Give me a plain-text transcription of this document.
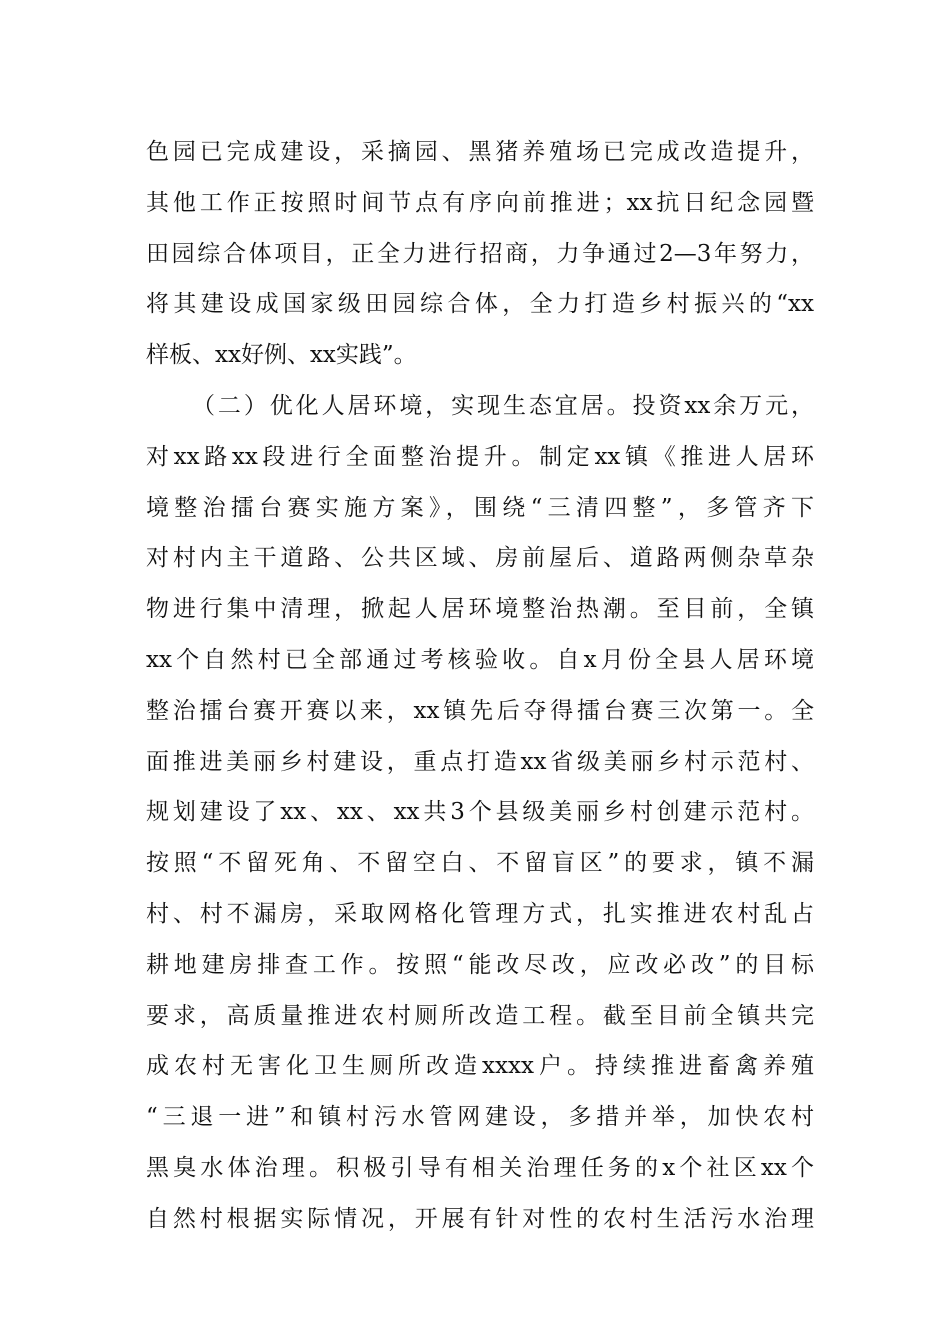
色园已完成建设，采摘园、黑猪养殖场已完成改造提升，
其他工作正按照时间节点有序向前推进；xx抗日纪念园暨
田园综合体项目，正全力进行招商，力争通过2—3年努力，
将其建设成国家级田园综合体，全力打造乡村振兴的“xx
样板、xx好例、xx实践”。
（二）优化人居环境，实现生态宜居。投资xx余万元，
对xx路xx段进行全面整治提升。制定xx镇《推进人居环
境整治擂台赛实施方案》，围绕“三清四整”，多管齐下
对村内主干道路、公共区域、房前屋后、道路两侧杂草杂
物进行集中清理，掀起人居环境整治热潮。至目前，全镇
xx个自然村已全部通过考核验收。自x月份全县人居环境
整治擂台赛开赛以来，xx镇先后夺得擂台赛三次第一。全
面推进美丽乡村建设，重点打造xx省级美丽乡村示范村、
规划建设了xx、xx、xx共3个县级美丽乡村创建示范村。
按照“不留死角、不留空白、不留盲区”的要求，镇不漏
村、村不漏房，采取网格化管理方式，扎实推进农村乱占
耕地建房排查工作。按照“能改尽改，应改必改”的目标
要求，高质量推进农村厕所改造工程。截至目前全镇共完
成农村无害化卫生厕所改造xxxx户。持续推进畜禽养殖
“三退一进”和镇村污水管网建设，多措并举，加快农村
黑臭水体治理。积极引导有相关治理任务的x个社区xx个
自然村根据实际情况，开展有针对性的农村生活污水治理
